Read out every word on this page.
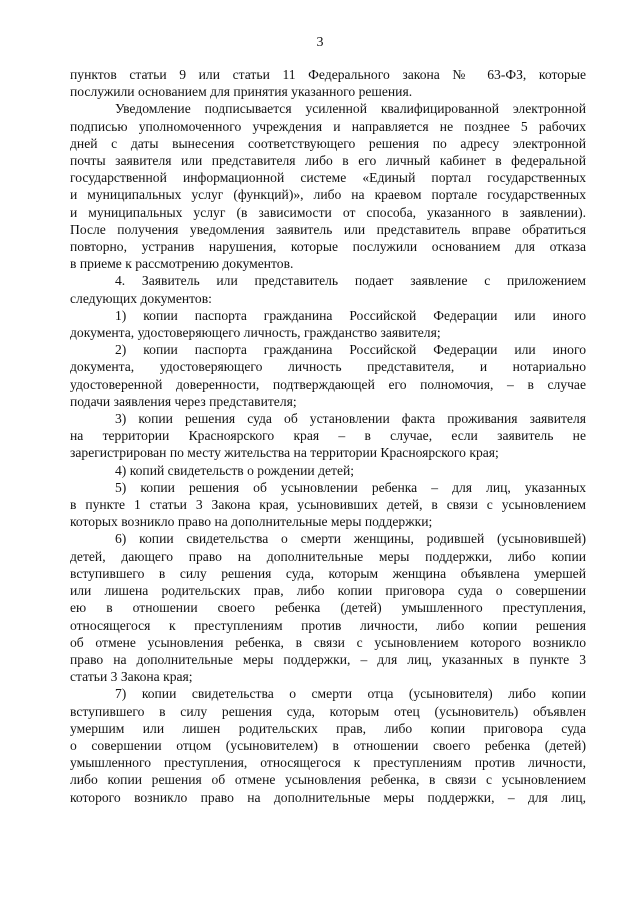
3
пунктов статьи 9 или статьи 11 Федерального закона № 63-ФЗ, которые
послужили основанием для принятия указанного решения.
Уведомление подписывается усиленной квалифицированной электронной
подписью уполномоченного учреждения и направляется не позднее 5 рабочих
дней с даты вынесения соответствующего решения по адресу электронной
почты заявителя или представителя либо в его личный кабинет в федеральной
государственной информационной системе «Единый портал государственных
и муниципальных услуг (функций)», либо на краевом портале государственных
и муниципальных услуг (в зависимости от способа, указанного в заявлении).
После получения уведомления заявитель или представитель вправе обратиться
повторно, устранив нарушения, которые послужили основанием для отказа
в приеме к рассмотрению документов.
4. Заявитель или представитель подает заявление с приложением
следующих документов:
1) копии паспорта гражданина Российской Федерации или иного
документа, удостоверяющего личность, гражданство заявителя;
2) копии паспорта гражданина Российской Федерации или иного
документа, удостоверяющего личность представителя, и нотариально
удостоверенной доверенности, подтверждающей его полномочия, – в случае
подачи заявления через представителя;
3) копии решения суда об установлении факта проживания заявителя
на территории Красноярского края – в случае, если заявитель не
зарегистрирован по месту жительства на территории Красноярского края;
4) копий свидетельств о рождении детей;
5) копии решения об усыновлении ребенка – для лиц, указанных
в пункте 1 статьи 3 Закона края, усыновивших детей, в связи с усыновлением
которых возникло право на дополнительные меры поддержки;
6) копии свидетельства о смерти женщины, родившей (усыновившей)
детей, дающего право на дополнительные меры поддержки, либо копии
вступившего в силу решения суда, которым женщина объявлена умершей
или лишена родительских прав, либо копии приговора суда о совершении
ею в отношении своего ребенка (детей) умышленного преступления,
относящегося к преступлениям против личности, либо копии решения
об отмене усыновления ребенка, в связи с усыновлением которого возникло
право на дополнительные меры поддержки, – для лиц, указанных в пункте 3
статьи 3 Закона края;
7) копии свидетельства о смерти отца (усыновителя) либо копии
вступившего в силу решения суда, которым отец (усыновитель) объявлен
умершим или лишен родительских прав, либо копии приговора суда
о совершении отцом (усыновителем) в отношении своего ребенка (детей)
умышленного преступления, относящегося к преступлениям против личности,
либо копии решения об отмене усыновления ребенка, в связи с усыновлением
которого возникло право на дополнительные меры поддержки, – для лиц,
